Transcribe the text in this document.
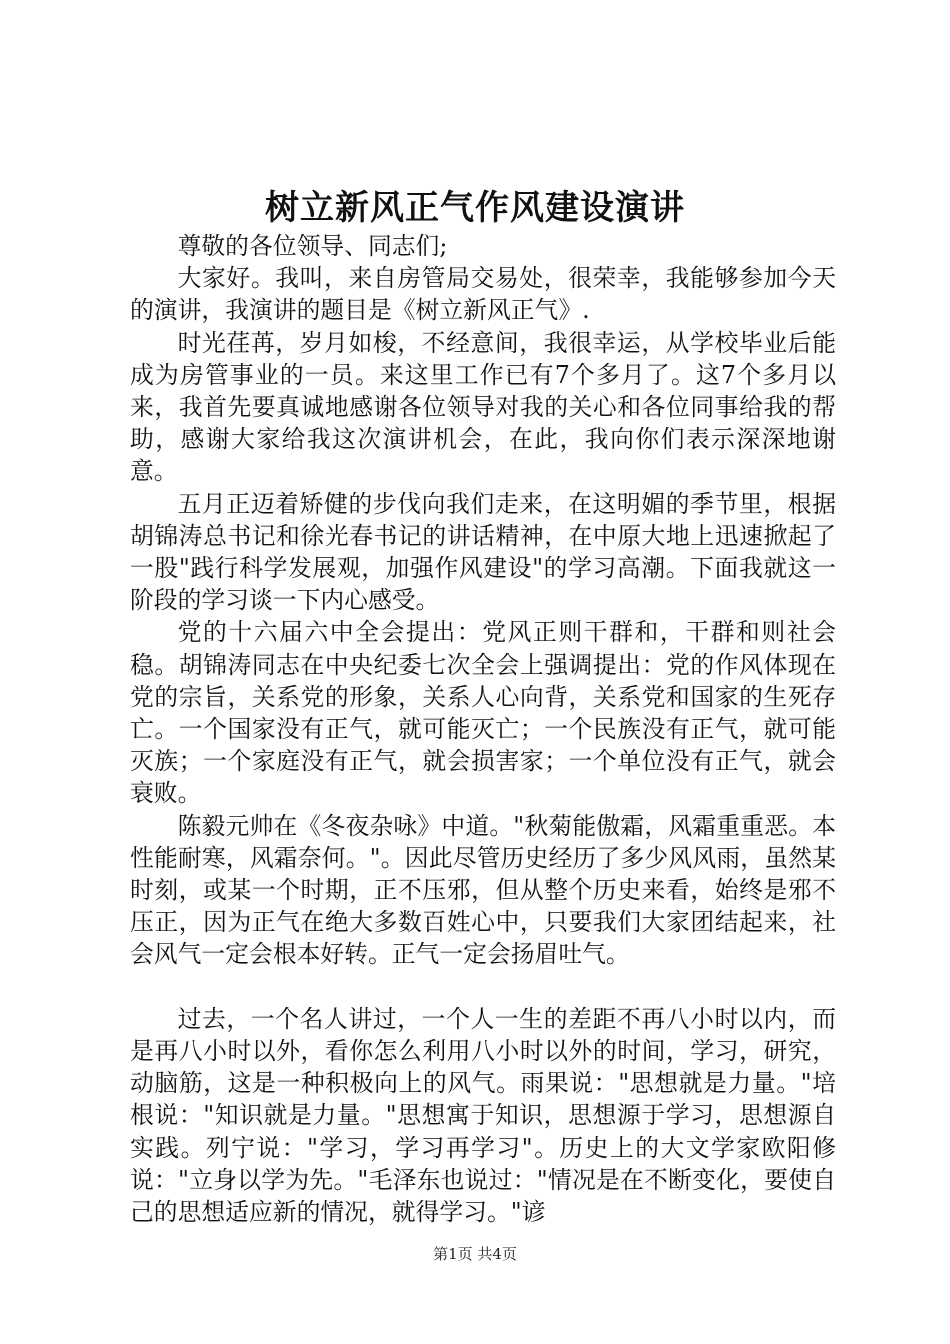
树立新风正气作风建设演讲

尊敬的各位领导、同志们;

大家好。我叫，来自房管局交易处，很荣幸，我能够参加今天的演讲，我演讲的题目是《树立新风正气》.

时光荏苒，岁月如梭，不经意间，我很幸运，从学校毕业后能成为房管事业的一员。来这里工作已有7个多月了。这7个多月以来，我首先要真诚地感谢各位领导对我的关心和各位同事给我的帮助，感谢大家给我这次演讲机会，在此，我向你们表示深深地谢意。

五月正迈着矫健的步伐向我们走来，在这明媚的季节里，根据胡锦涛总书记和徐光春书记的讲话精神，在中原大地上迅速掀起了一股"践行科学发展观，加强作风建设"的学习高潮。下面我就这一阶段的学习谈一下内心感受。

党的十六届六中全会提出：党风正则干群和，干群和则社会稳。胡锦涛同志在中央纪委七次全会上强调提出：党的作风体现在党的宗旨，关系党的形象，关系人心向背，关系党和国家的生死存亡。一个国家没有正气，就可能灭亡；一个民族没有正气，就可能灭族；一个家庭没有正气，就会损害家；一个单位没有正气，就会衰败。

陈毅元帅在《冬夜杂咏》中道。"秋菊能傲霜，风霜重重恶。本性能耐寒，风霜奈何。"。因此尽管历史经历了多少风风雨，虽然某时刻，或某一个时期，正不压邪，但从整个历史来看，始终是邪不压正，因为正气在绝大多数百姓心中，只要我们大家团结起来，社会风气一定会根本好转。正气一定会扬眉吐气。

过去，一个名人讲过，一个人一生的差距不再八小时以内，而是再八小时以外，看你怎么利用八小时以外的时间，学习，研究，动脑筋，这是一种积极向上的风气。雨果说："思想就是力量。"培根说："知识就是力量。"思想寓于知识，思想源于学习，思想源自实践。列宁说："学习，学习再学习"。历史上的大文学家欧阳修说："立身以学为先。"毛泽东也说过："情况是在不断变化，要使自己的思想适应新的情况，就得学习。"谚

第1页 共4页
